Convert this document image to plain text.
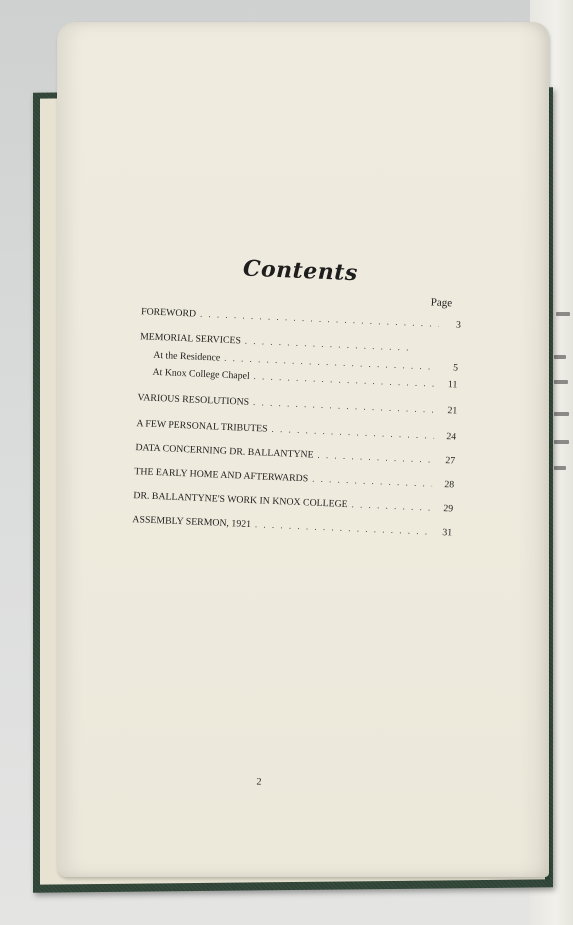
Contents
Page
FOREWORD
. . .
3
MEMORIAL SERVICES
. . .
At the Residence
. . .
5
At Knox College Chapel
. . .
11
VARIOUS RESOLUTIONS
. . .
21
A FEW PERSONAL TRIBUTES
. . .
24
DATA CONCERNING DR. BALLANTYNE
. . .
27
THE EARLY HOME AND AFTERWARDS
. . .
28
DR. BALLANTYNE'S WORK IN KNOX COLLEGE
. . .	29
ASSEMBLY SERMON, 1921
. . .
31
2
